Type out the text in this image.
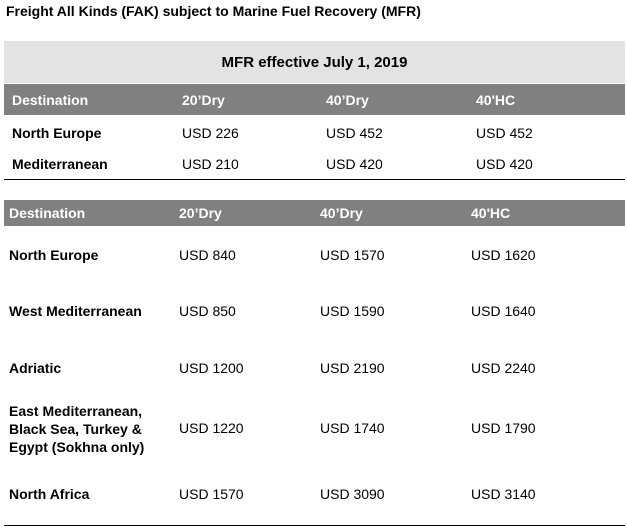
Freight All Kinds (FAK) subject to Marine Fuel Recovery (MFR)
MFR effective July 1, 2019
Destination	20’Dry	40’Dry	40'HC
North Europe	USD 226	USD 452	USD 452
Mediterranean	USD 210	USD 420	USD 420
Destination	20’Dry	40’Dry	40'HC
North Europe	USD 840	USD 1570	USD 1620
West Mediterranean	USD 850	USD 1590	USD 1640
Adriatic	USD 1200	USD 2190	USD 2240
East Mediterranean,
Black Sea, Turkey &
Egypt (Sokhna only)
USD 1220	USD 1740	USD 1790
North Africa	USD 1570	USD 3090	USD 3140
